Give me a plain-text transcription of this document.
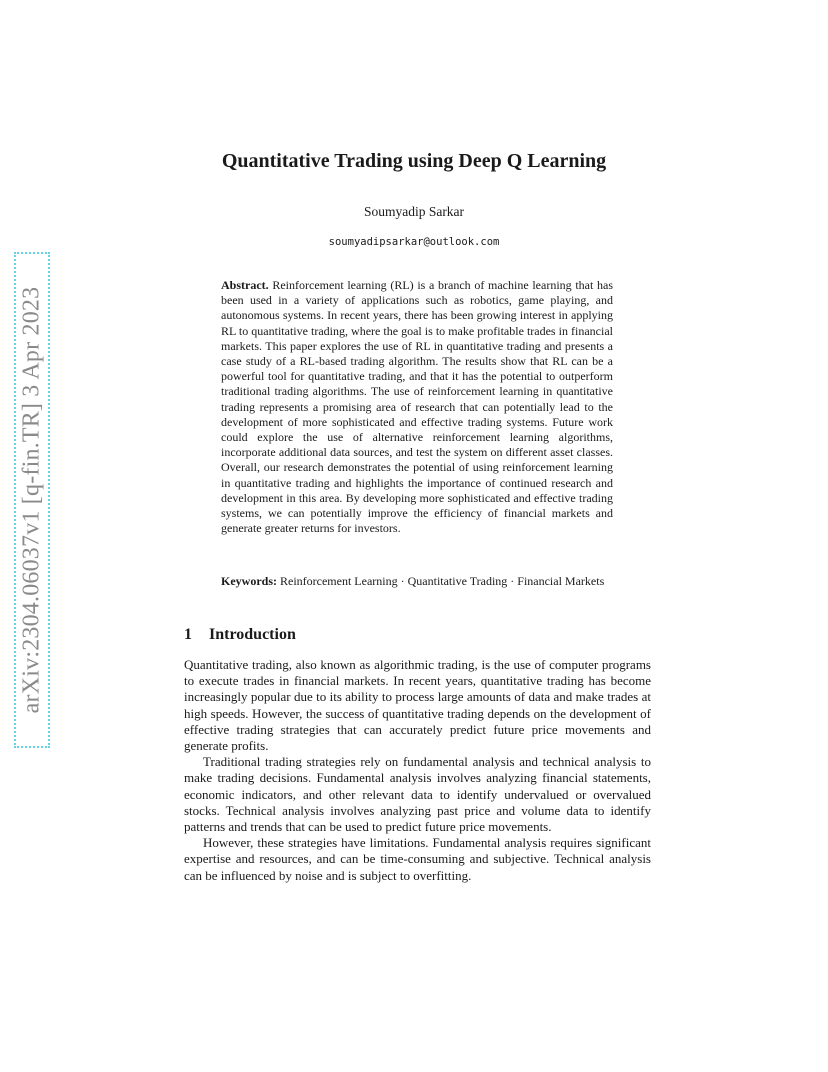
arXiv:2304.06037v1 [q-fin.TR] 3 Apr 2023
Quantitative Trading using Deep Q Learning
Soumyadip Sarkar
soumyadipsarkar@outlook.com
Abstract. Reinforcement learning (RL) is a branch of machine learning that has been used in a variety of applications such as robotics, game playing, and autonomous systems. In recent years, there has been growing interest in applying RL to quantitative trading, where the goal is to make profitable trades in financial markets. This paper explores the use of RL in quantitative trading and presents a case study of a RL-based trading algorithm. The results show that RL can be a powerful tool for quantitative trading, and that it has the potential to outperform traditional trading algorithms. The use of reinforcement learning in quantitative trading represents a promising area of research that can potentially lead to the development of more sophisticated and effective trading systems. Future work could explore the use of alternative reinforcement learning algorithms, incorporate additional data sources, and test the system on different asset classes. Overall, our research demonstrates the potential of using reinforcement learning in quantitative trading and highlights the importance of continued research and development in this area. By developing more sophisticated and effective trading systems, we can potentially improve the efficiency of financial markets and generate greater returns for investors.
Keywords: Reinforcement Learning · Quantitative Trading · Financial Markets
1 Introduction

Quantitative trading, also known as algorithmic trading, is the use of computer programs to execute trades in financial markets. In recent years, quantitative trading has become increasingly popular due to its ability to process large amounts of data and make trades at high speeds. However, the success of quantitative trading depends on the development of effective trading strategies that can accurately predict future price movements and generate profits.

Traditional trading strategies rely on fundamental analysis and technical analysis to make trading decisions. Fundamental analysis involves analyzing financial statements, economic indicators, and other relevant data to identify undervalued or overvalued stocks. Technical analysis involves analyzing past price and volume data to identify patterns and trends that can be used to predict future price movements.

However, these strategies have limitations. Fundamental analysis requires significant expertise and resources, and can be time-consuming and subjective. Technical analysis can be influenced by noise and is subject to overfitting.
